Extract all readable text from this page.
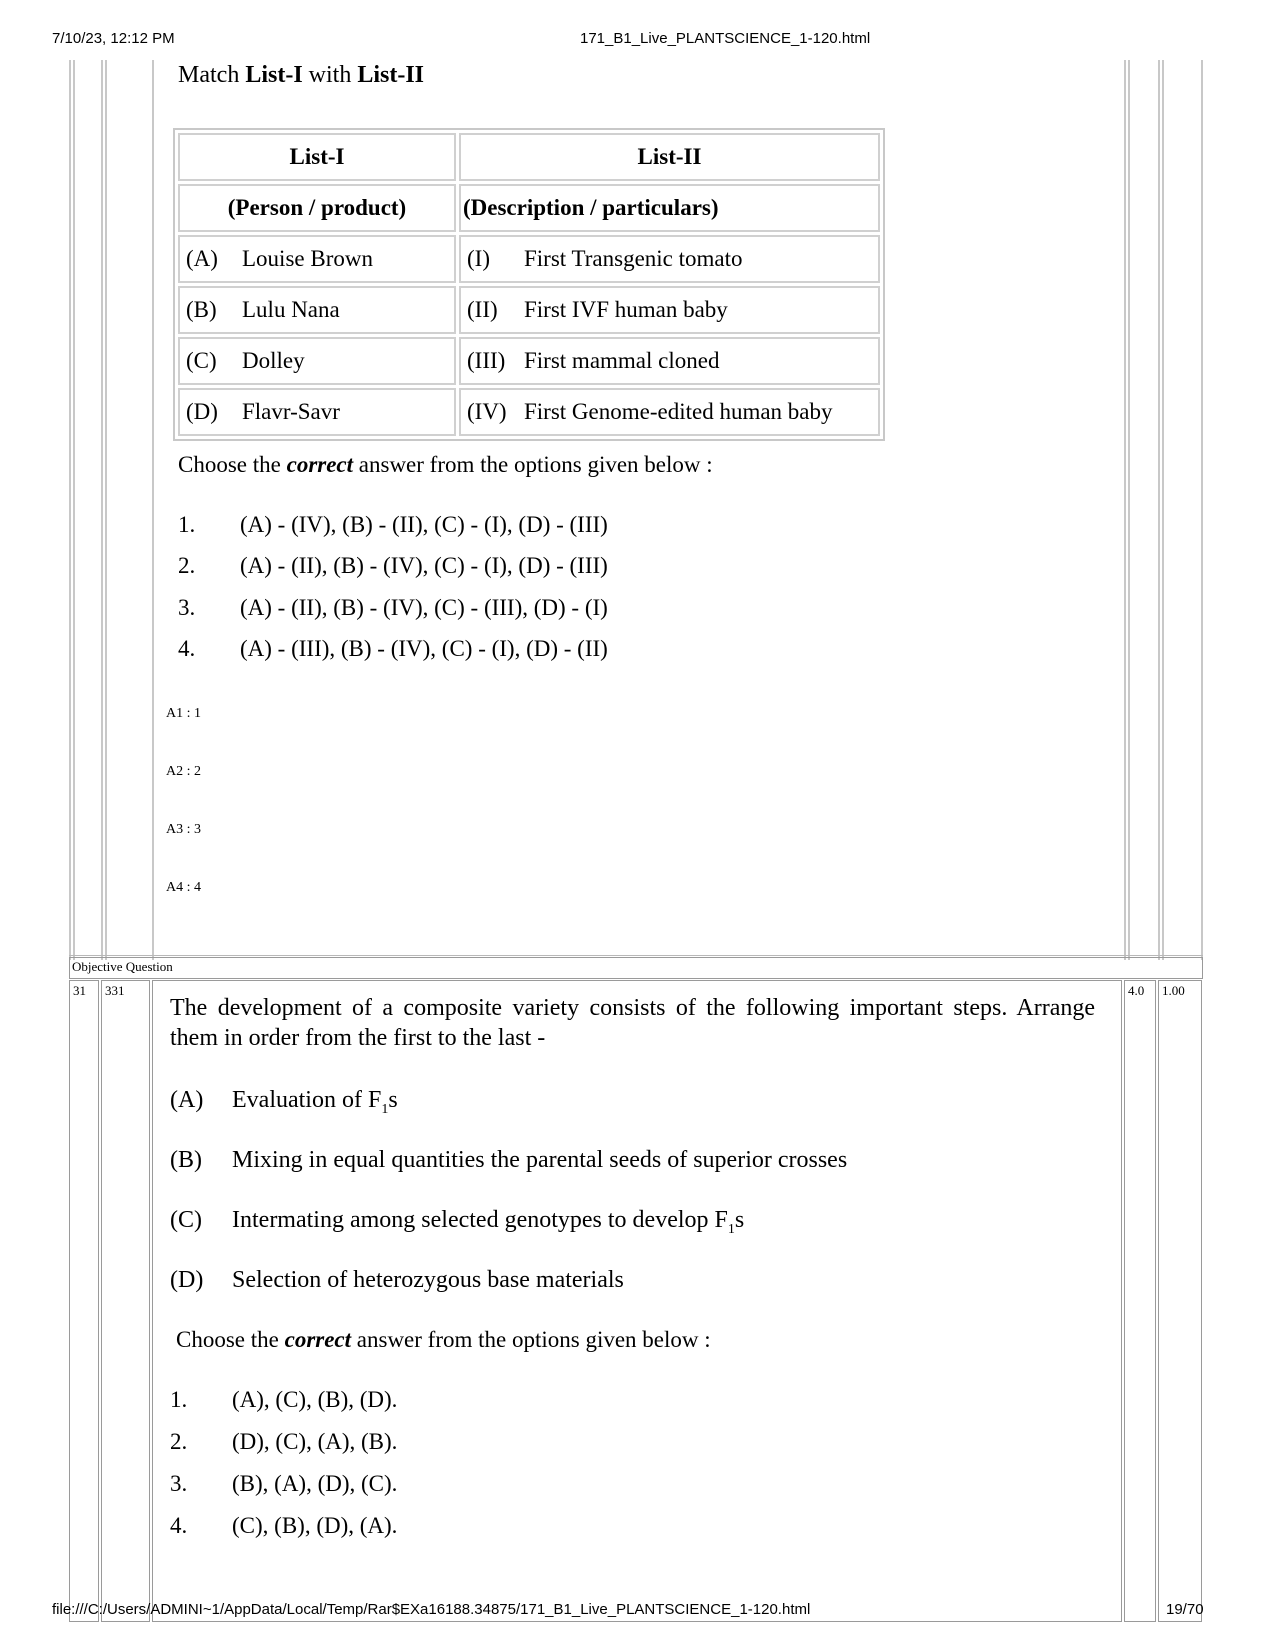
7/10/23, 12:12 PM	171_B1_Live_PLANTSCIENCE_1-120.html
Match List-I with List-II
List-I	List-II
(Person / product)	(Description / particulars)
(A) Louise Brown	(I) First Transgenic tomato
(B) Lulu Nana	(II) First IVF human baby
(C) Dolley	(III) First mammal cloned
(D) Flavr-Savr	(IV) First Genome-edited human baby
Choose the correct answer from the options given below :
1. (A) - (IV), (B) - (II), (C) - (I), (D) - (III)
2. (A) - (II), (B) - (IV), (C) - (I), (D) - (III)
3. (A) - (II), (B) - (IV), (C) - (III), (D) - (I)
4. (A) - (III), (B) - (IV), (C) - (I), (D) - (II)
A1 : 1
A2 : 2
A3 : 3
A4 : 4
Objective Question
31 331	4.0 1.00
The development of a composite variety consists of the following important steps. Arrange them in order from the first to the last -
(A) Evaluation of $F_1s$
(B) Mixing in equal quantities the parental seeds of superior crosses
(C) Intermating among selected genotypes to develop $F_1s$
(D) Selection of heterozygous base materials
Choose the correct answer from the options given below :
1. (A), (C), (B), (D).
2. (D), (C), (A), (B).
3. (B), (A), (D), (C).
4. (C), (B), (D), (A).
file:///C:/Users/ADMINI~1/AppData/Local/Temp/Rar$EXa16188.34875/171_B1_Live_PLANTSCIENCE_1-120.html	19/70
